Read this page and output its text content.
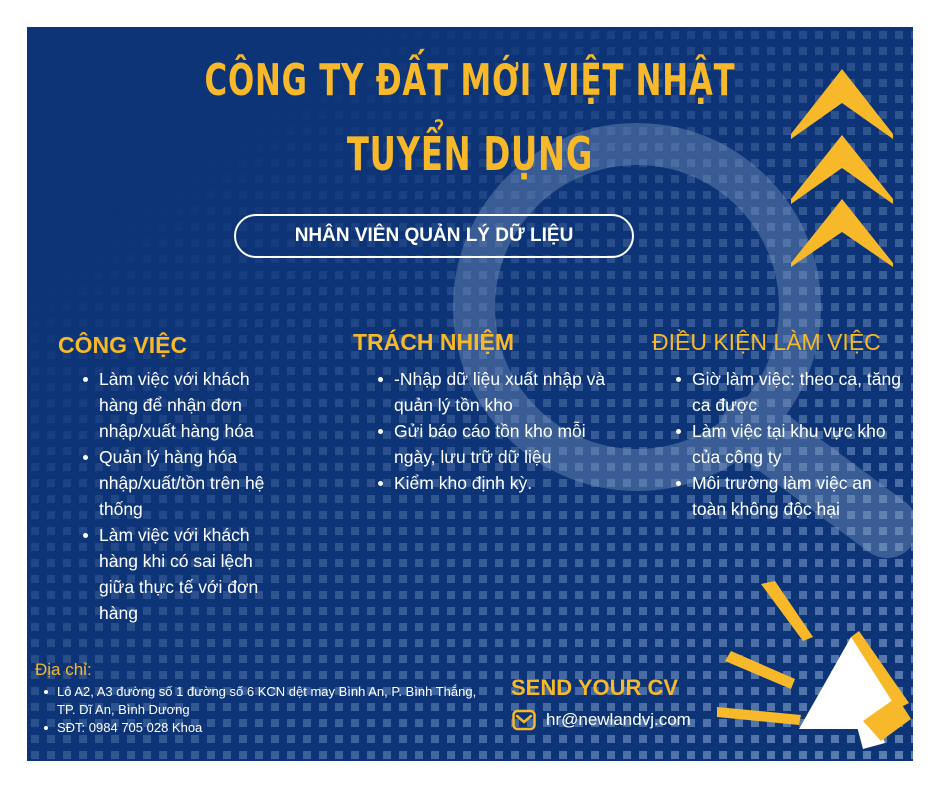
CÔNG TY ĐẤT MỚI VIỆT NHẬT
TUYỂN DỤNG
NHÂN VIÊN QUẢN LÝ DỮ LIỆU
CÔNG VIỆC
Làm việc với khách hàng để nhận đơn nhập/xuất hàng hóa
Quản lý hàng hóa nhập/xuất/tồn trên hệ thống
Làm việc với khách hàng khi có sai lệch giữa thực tế với đơn hàng
TRÁCH NHIỆM
-Nhập dữ liệu xuất nhập và quản lý tồn kho
Gửi báo cáo tồn kho mỗi ngày, lưu trữ dữ liệu
Kiểm kho định kỳ.
ĐIỀU KIỆN LÀM VIỆC
Giờ làm việc: theo ca, tăng ca được
Làm việc tại khu vực kho của công ty
Môi trường làm việc an toàn không độc hại
Địa chỉ:
Lô A2, A3 đường số 1 đường số 6 KCN dệt may Bình An, P. Bình Thắng, TP. Dĩ An, Bình Dương
SĐT: 0984 705 028 Khoa
SEND YOUR CV
hr@newlandvj.com
